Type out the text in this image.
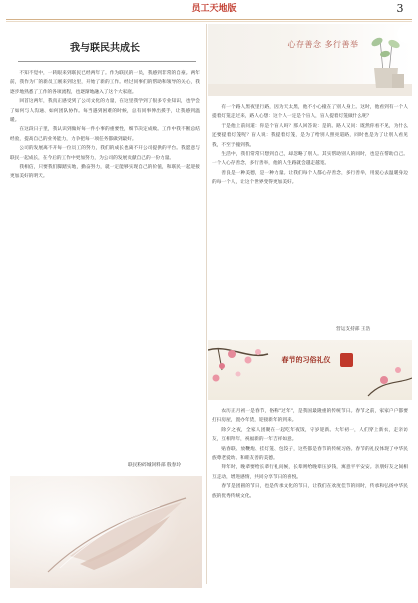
员工天地版	3
我与联民共成长

不知不觉中，一转眼来到联民已经两年了。作为联民的一员，我感到非常的自豪。两年前，我作为厂的新员工刚来到这里，开始了新的工作。经过同事们的帮助和领导的关心，我逐步地熟悉了工作的各项流程，也逐渐地融入了这个大家庭。

回首这两年，我真正感受到了公司文化的力量，在这里我学到了很多专业知识，也学会了如何与人沟通、如何团队协作。每当遇到困难的时候，总有同事伸出援手，让我感到温暖。

在这段日子里，我认识到做好每一件小事的重要性，细节决定成败。工作中我不断总结经验，提高自己的业务能力，力争把每一项任务都做到最好。

公司的发展离不开每一位员工的努力，我们的成长也离不开公司提供的平台。我愿意与联民一起成长，在今后的工作中更加努力，为公司的发展贡献自己的一份力量。

我相信，只要我们脚踏实地，勤奋努力，就一定能够实现自己的价值，和联民一起迎接更加美好的明天。

联民粉碎城饲料部 殷春玲
心存善念 多行善举

有一个路人黑夜里行路，因为天太黑，他不小心撞在了别人身上。这时，他看到有一个人提着灯笼走过来，路人心想：这个人一定是个盲人，盲人提着灯笼做什么呢？

于是他上前问道：你是个盲人吗？那人回答说：是的。路人又问：既然你看不见，为什么还要提着灯笼呢？盲人说：我提着灯笼，是为了给别人照亮道路，同时也是为了让别人看见我，不至于撞到我。

生活中，我们常常只想到自己，却忽略了别人。其实帮助别人的同时，也是在帮助自己。一个人心存善念，多行善举，他的人生路就会越走越宽。

善良是一种美德，是一种力量。让我们每个人都心存善念，多行善举，用爱心去温暖身边的每一个人，让这个世界变得更加美好。

营运支持部 王浩
春节的习俗礼仪

农历正月初一是春节，俗称"过年"，是我国最隆重的传统节日。春节之前，家家户户都要打扫房屋，置办年货，迎接新年的到来。

除夕之夜，全家人团聚在一起吃年夜饭，守岁迎新。大年初一，人们穿上新衣，走亲访友，互相拜年，祝福新的一年吉祥如意。

贴春联、放鞭炮、挂灯笼、包饺子，这些都是春节的传统习俗。春节的礼仪体现了中华民族尊老爱幼、和睦友善的美德。

拜年时，晚辈要给长辈行礼问候，长辈则给晚辈压岁钱，寓意平平安安。亲朋好友之间相互走动，增进感情，共同分享节日的喜悦。

春节是团圆的节日，也是传承文化的节日，让我们在欢度佳节的同时，传承和弘扬中华民族的优秀传统文化。
